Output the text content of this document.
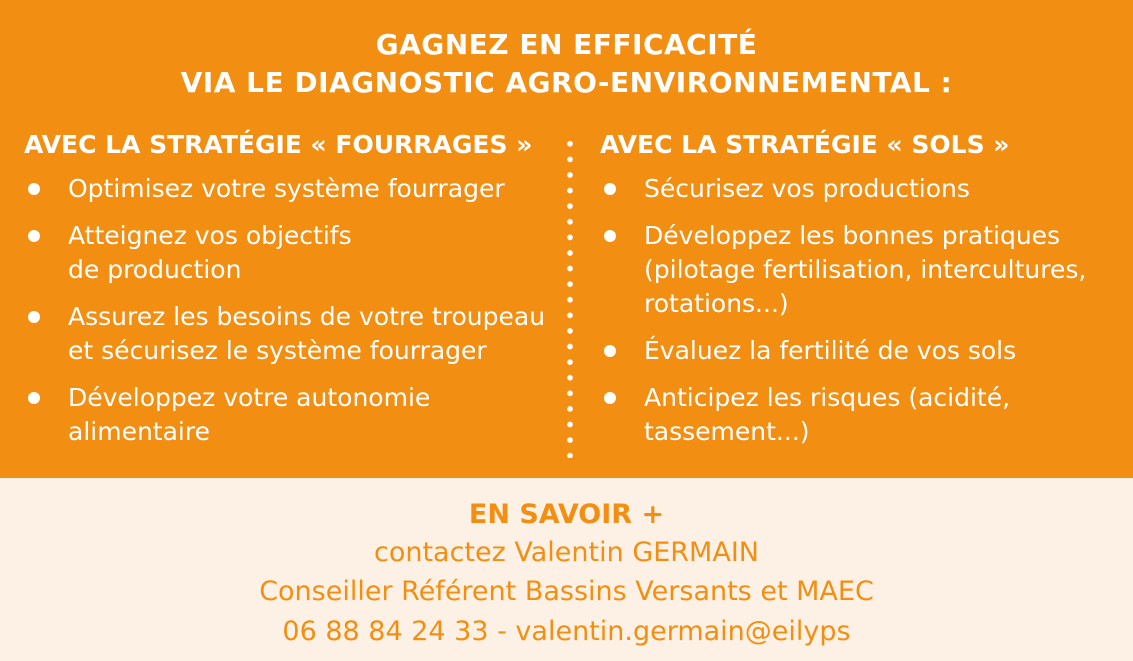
GAGNEZ EN EFFICACITÉ
VIA LE DIAGNOSTIC AGRO-ENVIRONNEMENTAL :
AVEC LA STRATÉGIE « FOURRAGES »
Optimisez votre système fourrager
Atteignez vos objectifs
de production
Assurez les besoins de votre troupeau
et sécurisez le système fourrager
Développez votre autonomie
alimentaire
AVEC LA STRATÉGIE « SOLS »
Sécurisez vos productions
Développez les bonnes pratiques
(pilotage fertilisation, intercultures,
rotations...)
Évaluez la fertilité de vos sols
Anticipez les risques (acidité,
tassement...)
EN SAVOIR +
contactez Valentin GERMAIN
Conseiller Référent Bassins Versants et MAEC
06 88 84 24 33 - valentin.germain@eilyps
